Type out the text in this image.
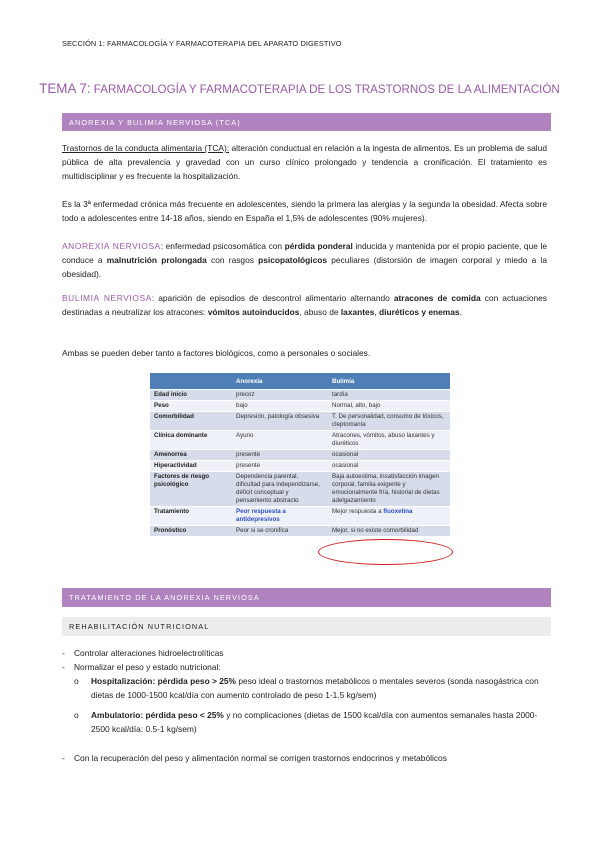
SECCIÓN 1: FARMACOLOGÍA Y FARMACOTERAPIA DEL APARATO DIGESTIVO
TEMA 7: FARMACOLOGÍA Y FARMACOTERAPIA DE LOS TRASTORNOS DE LA ALIMENTACIÓN
ANOREXIA Y BULIMIA NERVIOSA (TCA)
Trastornos de la conducta alimentaria (TCA): alteración conductual en relación a la ingesta de alimentos. Es un problema de salud pública de alta prevalencia y gravedad con un curso clínico prolongado y tendencia a cronificación. El tratamiento es multidisciplinar y es frecuente la hospitalización.
Es la 3ª enfermedad crónica más frecuente en adolescentes, siendo la primera las alergias y la segunda la obesidad. Afecta sobre todo a adolescentes entre 14-18 años, siendo en España el 1,5% de adolescentes (90% mujeres).
ANOREXIA NERVIOSA: enfermedad psicosomática con pérdida ponderal inducida y mantenida por el propio paciente, que le conduce a malnutrición prolongada con rasgos psicopatológicos peculiares (distorsión de imagen corporal y miedo a la obesidad).
BULIMIA NERVIOSA: aparición de episodios de descontrol alimentario alternando atracones de comida con actuaciones destinadas a neutralizar los atracones: vómitos autoinducidos, abuso de laxantes, diuréticos y enemas.
Ambas se pueden deber tanto a factores biológicos, como a personales o sociales.
	Anorexia	Bulimia
Edad inicio	precoz	tardía
Peso	bajo	Normal, alto, bajo
Comorbilidad	Depresión, patología obsesiva	T. De personalidad, consumo de tóxicos, cleptomanía
Clínica dominante	Ayuno	Atracones, vómitos, abuso laxantes y diuréticos
Amenorrea	presente	ocasional
Hiperactividad	presente	ocasional
Factores de riesgo psicológico	Dependencia parental, dificultad para independizarse, déficit conceptual y pensamiento abstracto	Baja autoestima, insatisfacción imagen corporal, familia exigente y emocionalmente fría, historial de dietas adelgazamiento
Tratamiento	Peor respuesta a antidepresivos	Mejor respuesta a fluoxetina
Pronóstico	Peor si se cronifica	Mejor, si no existe comorbilidad
TRATAMIENTO DE LA ANOREXIA NERVIOSA
REHABILITACIÓN NUTRICIONAL
- Controlar alteraciones hidroelectrolíticas
- Normalizar el peso y estado nutricional:
o Hospitalización: pérdida peso > 25% peso ideal o trastornos metabólicos o mentales severos (sonda nasogástrica con dietas de 1000-1500 kcal/día con aumento controlado de peso 1-1.5 kg/sem)
o Ambulatorio: pérdida peso < 25% y no complicaciones (dietas de 1500 kcal/día con aumentos semanales hasta 2000-2500 kcal/día: 0.5-1 kg/sem)
- Con la recuperación del peso y alimentación normal se corrigen trastornos endocrinos y metabólicos
